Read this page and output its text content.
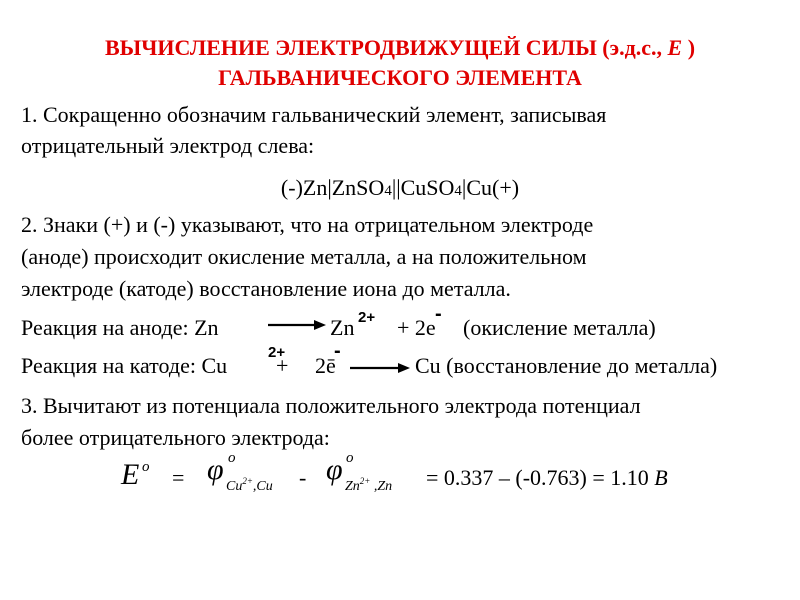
ВЫЧИСЛЕНИЕ ЭЛЕКТРОДВИЖУЩЕЙ СИЛЫ (э.д.с., Е )
ГАЛЬВАНИЧЕСКОГО ЭЛЕМЕНТА
1. Сокращенно обозначим гальванический элемент, записывая
отрицательный электрод слева:
(-)Zn|ZnSO4||CuSO4|Cu(+)
2. Знаки (+) и (-) указывают, что на отрицательном электроде
(аноде) происходит окисление металла, а на положительном
электроде (катоде) восстановление иона до металла.
Реакция на аноде: Zn	Zn 2+ + 2e
-
(окисление металла)
Реакция на катоде: Cu
2+
+ 2ē
-
Cu (восстановление до металла)
3. Вычитают из потенциала положительного электрода потенциал
более отрицательного электрода:
E o = φ o
$Cu^{2+},Cu$ - φ o
$Zn^{2+}$ ,Zn = 0.337 – (-0.763) = 1.10 В
